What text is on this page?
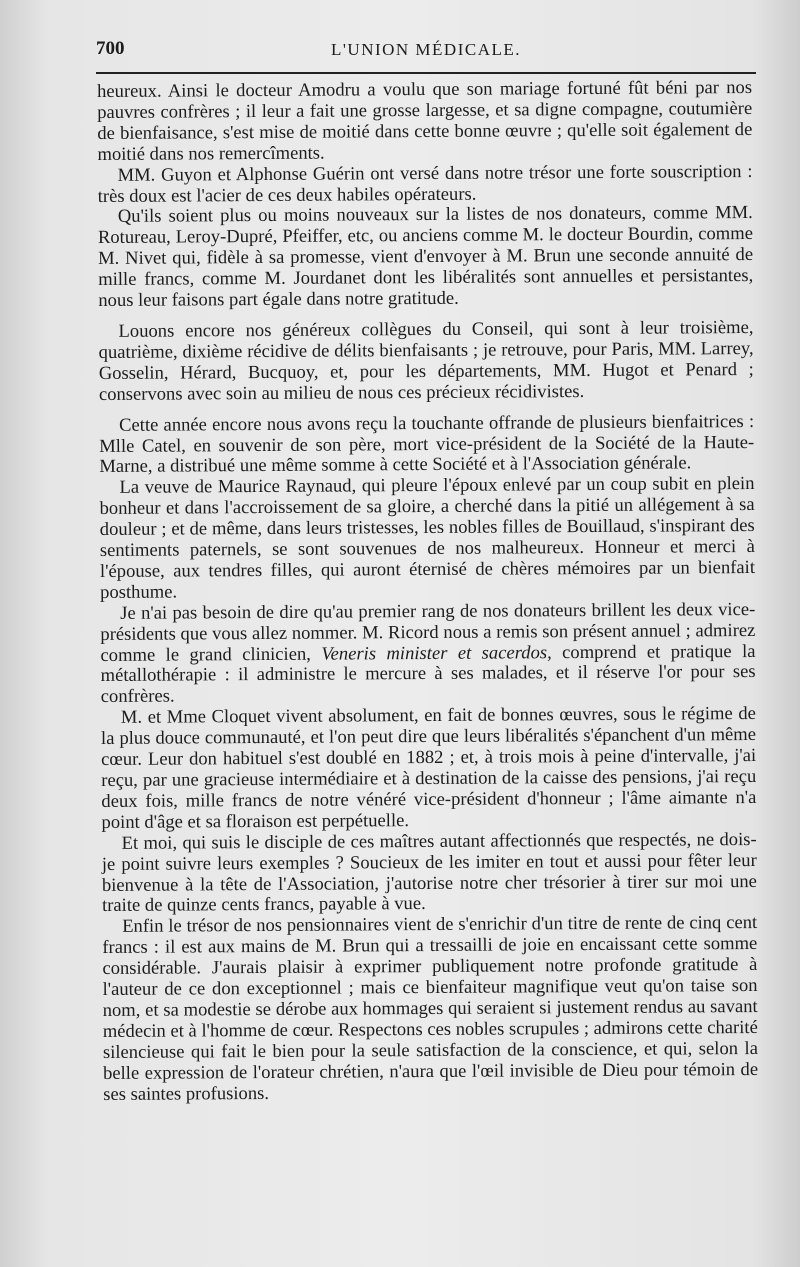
700	L'UNION MÉDICALE.

heureux. Ainsi le docteur Amodru a voulu que son mariage fortuné fût béni par nos pauvres confrères ; il leur a fait une grosse largesse, et sa digne compagne, coutumière de bienfaisance, s'est mise de moitié dans cette bonne œuvre ; qu'elle soit également de moitié dans nos remercîments.

MM. Guyon et Alphonse Guérin ont versé dans notre trésor une forte souscription : très doux est l'acier de ces deux habiles opérateurs.

Qu'ils soient plus ou moins nouveaux sur la listes de nos donateurs, comme MM. Rotureau, Leroy-Dupré, Pfeiffer, etc, ou anciens comme M. le docteur Bourdin, comme M. Nivet qui, fidèle à sa promesse, vient d'envoyer à M. Brun une seconde annuité de mille francs, comme M. Jourdanet dont les libéralités sont annuelles et persistantes, nous leur faisons part égale dans notre gratitude.

Louons encore nos généreux collègues du Conseil, qui sont à leur troisième, quatrième, dixième récidive de délits bienfaisants ; je retrouve, pour Paris, MM. Larrey, Gosselin, Hérard, Bucquoy, et, pour les départements, MM. Hugot et Penard ; conservons avec soin au milieu de nous ces précieux récidivistes.

Cette année encore nous avons reçu la touchante offrande de plusieurs bienfaitrices : Mlle Catel, en souvenir de son père, mort vice-président de la Société de la Haute-Marne, a distribué une même somme à cette Société et à l'Association générale.

La veuve de Maurice Raynaud, qui pleure l'époux enlevé par un coup subit en plein bonheur et dans l'accroissement de sa gloire, a cherché dans la pitié un allégement à sa douleur ; et de même, dans leurs tristesses, les nobles filles de Bouillaud, s'inspirant des sentiments paternels, se sont souvenues de nos malheureux. Honneur et merci à l'épouse, aux tendres filles, qui auront éternisé de chères mémoires par un bienfait posthume.

Je n'ai pas besoin de dire qu'au premier rang de nos donateurs brillent les deux vice-présidents que vous allez nommer. M. Ricord nous a remis son présent annuel ; admirez comme le grand clinicien, Veneris minister et sacerdos, comprend et pratique la métallothérapie : il administre le mercure à ses malades, et il réserve l'or pour ses confrères.

M. et Mme Cloquet vivent absolument, en fait de bonnes œuvres, sous le régime de la plus douce communauté, et l'on peut dire que leurs libéralités s'épanchent d'un même cœur. Leur don habituel s'est doublé en 1882 ; et, à trois mois à peine d'intervalle, j'ai reçu, par une gracieuse intermédiaire et à destination de la caisse des pensions, j'ai reçu deux fois, mille francs de notre vénéré vice-président d'honneur ; l'âme aimante n'a point d'âge et sa floraison est perpétuelle.

Et moi, qui suis le disciple de ces maîtres autant affectionnés que respectés, ne dois-je point suivre leurs exemples ? Soucieux de les imiter en tout et aussi pour fêter leur bienvenue à la tête de l'Association, j'autorise notre cher trésorier à tirer sur moi une traite de quinze cents francs, payable à vue.

Enfin le trésor de nos pensionnaires vient de s'enrichir d'un titre de rente de cinq cent francs : il est aux mains de M. Brun qui a tressailli de joie en encaissant cette somme considérable. J'aurais plaisir à exprimer publiquement notre profonde gratitude à l'auteur de ce don exceptionnel ; mais ce bienfaiteur magnifique veut qu'on taise son nom, et sa modestie se dérobe aux hommages qui seraient si justement rendus au savant médecin et à l'homme de cœur. Respectons ces nobles scrupules ; admirons cette charité silencieuse qui fait le bien pour la seule satisfaction de la conscience, et qui, selon la belle expression de l'orateur chrétien, n'aura que l'œil invisible de Dieu pour témoin de ses saintes profusions.
